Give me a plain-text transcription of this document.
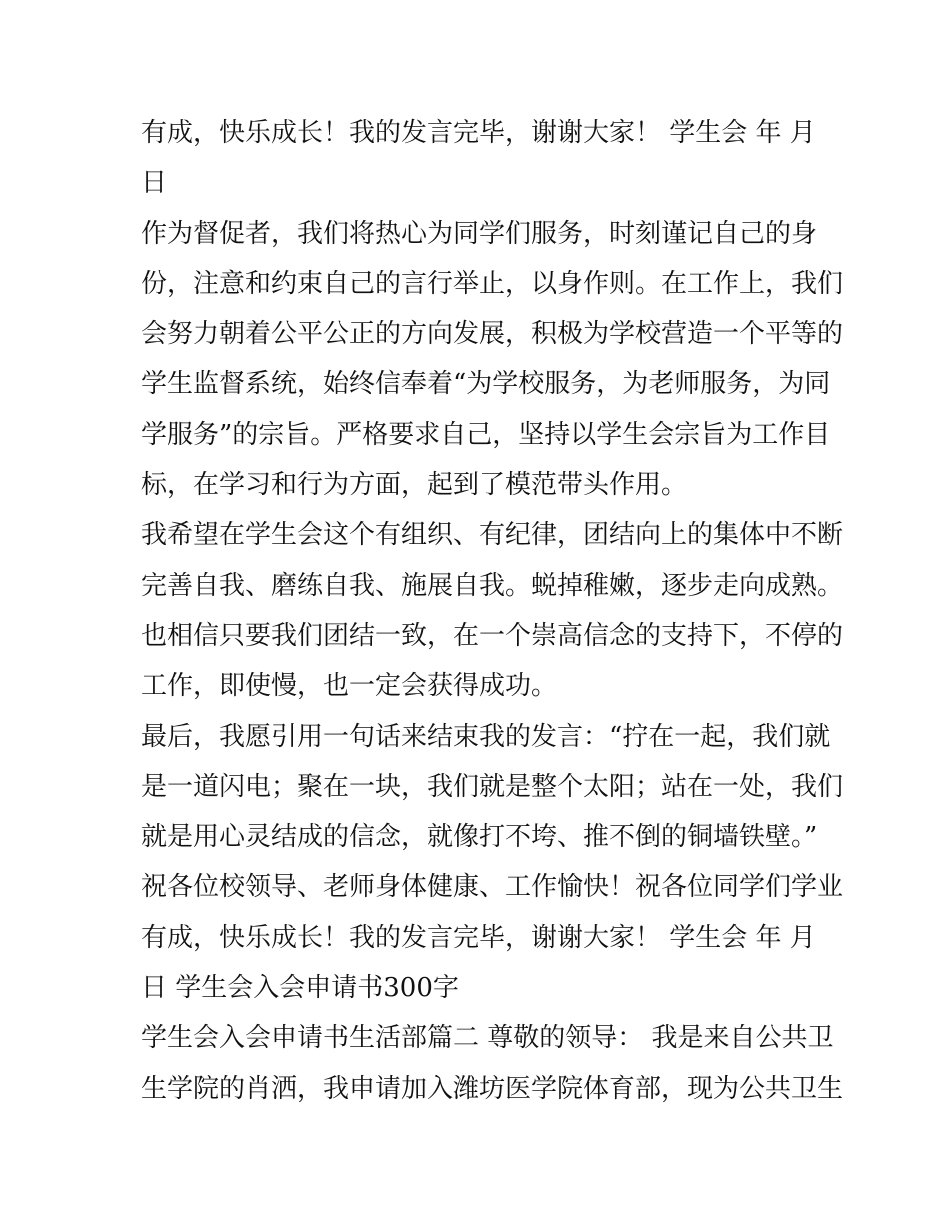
有成，快乐成长！我的发言完毕，谢谢大家！ 学生会 年 月
日
作为督促者，我们将热心为同学们服务，时刻谨记自己的身
份，注意和约束自己的言行举止，以身作则。在工作上，我们
会努力朝着公平公正的方向发展，积极为学校营造一个平等的
学生监督系统，始终信奉着“为学校服务，为老师服务，为同
学服务”的宗旨。严格要求自己，坚持以学生会宗旨为工作目
标，在学习和行为方面，起到了模范带头作用。
我希望在学生会这个有组织、有纪律，团结向上的集体中不断
完善自我、磨练自我、施展自我。蜕掉稚嫩，逐步走向成熟。
也相信只要我们团结一致，在一个崇高信念的支持下，不停的
工作，即使慢，也一定会获得成功。
最后，我愿引用一句话来结束我的发言：“拧在一起，我们就
是一道闪电；聚在一块，我们就是整个太阳；站在一处，我们
就是用心灵结成的信念，就像打不垮、推不倒的铜墙铁壁。”
祝各位校领导、老师身体健康、工作愉快！祝各位同学们学业
有成，快乐成长！我的发言完毕，谢谢大家！ 学生会 年 月
日 学生会入会申请书300字
学生会入会申请书生活部篇二 尊敬的领导： 我是来自公共卫
生学院的肖洒，我申请加入潍坊医学院体育部，现为公共卫生
